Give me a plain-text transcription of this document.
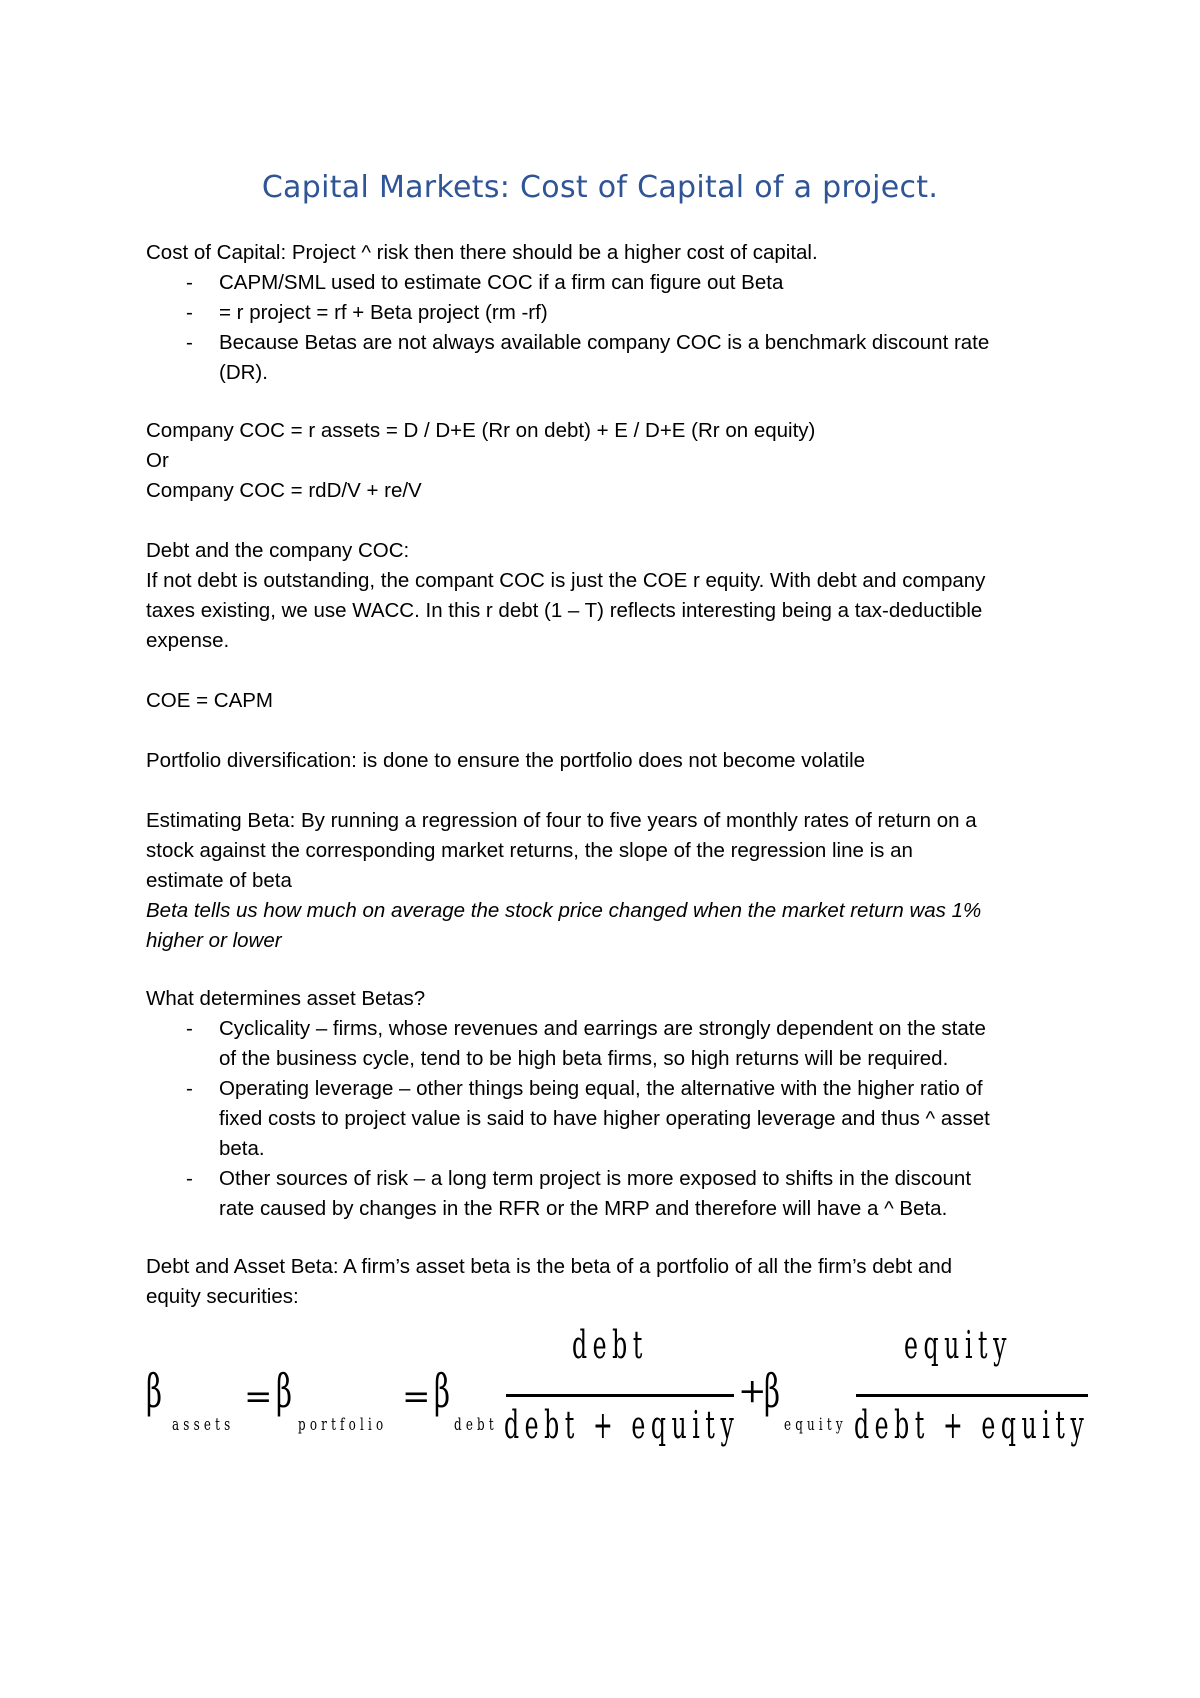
Capital Markets: Cost of Capital of a project.
Cost of Capital: Project ^ risk then there should be a higher cost of capital.
- CAPM/SML used to estimate COC if a firm can figure out Beta
- = r project = rf + Beta project (rm -rf)
- Because Betas are not always available company COC is a benchmark discount rate
(DR).
Company COC = r assets = D / D+E (Rr on debt) + E / D+E (Rr on equity)
Or
Company COC = rdD/V + re/V
Debt and the company COC:
If not debt is outstanding, the compant COC is just the COE r equity. With debt and company
taxes existing, we use WACC. In this r debt (1 – T) reflects interesting being a tax-deductible
expense.
COE = CAPM
Portfolio diversification: is done to ensure the portfolio does not become volatile
Estimating Beta: By running a regression of four to five years of monthly rates of return on a
stock against the corresponding market returns, the slope of the regression line is an
estimate of beta
Beta tells us how much on average the stock price changed when the market return was 1%
higher or lower
What determines asset Betas?
- Cyclicality – firms, whose revenues and earrings are strongly dependent on the state
of the business cycle, tend to be high beta firms, so high returns will be required.
- Operating leverage – other things being equal, the alternative with the higher ratio of
fixed costs to project value is said to have higher operating leverage and thus ^ asset
beta.
- Other sources of risk – a long term project is more exposed to shifts in the discount
rate caused by changes in the RFR or the MRP and therefore will have a ^ Beta.
Debt and Asset Beta: A firm’s asset beta is the beta of a portfolio of all the firm’s debt and
equity securities:
β
assets
= β
portfolio
= β
debt
debt
debt + equity
+
β
equity
equity
debt + equity
